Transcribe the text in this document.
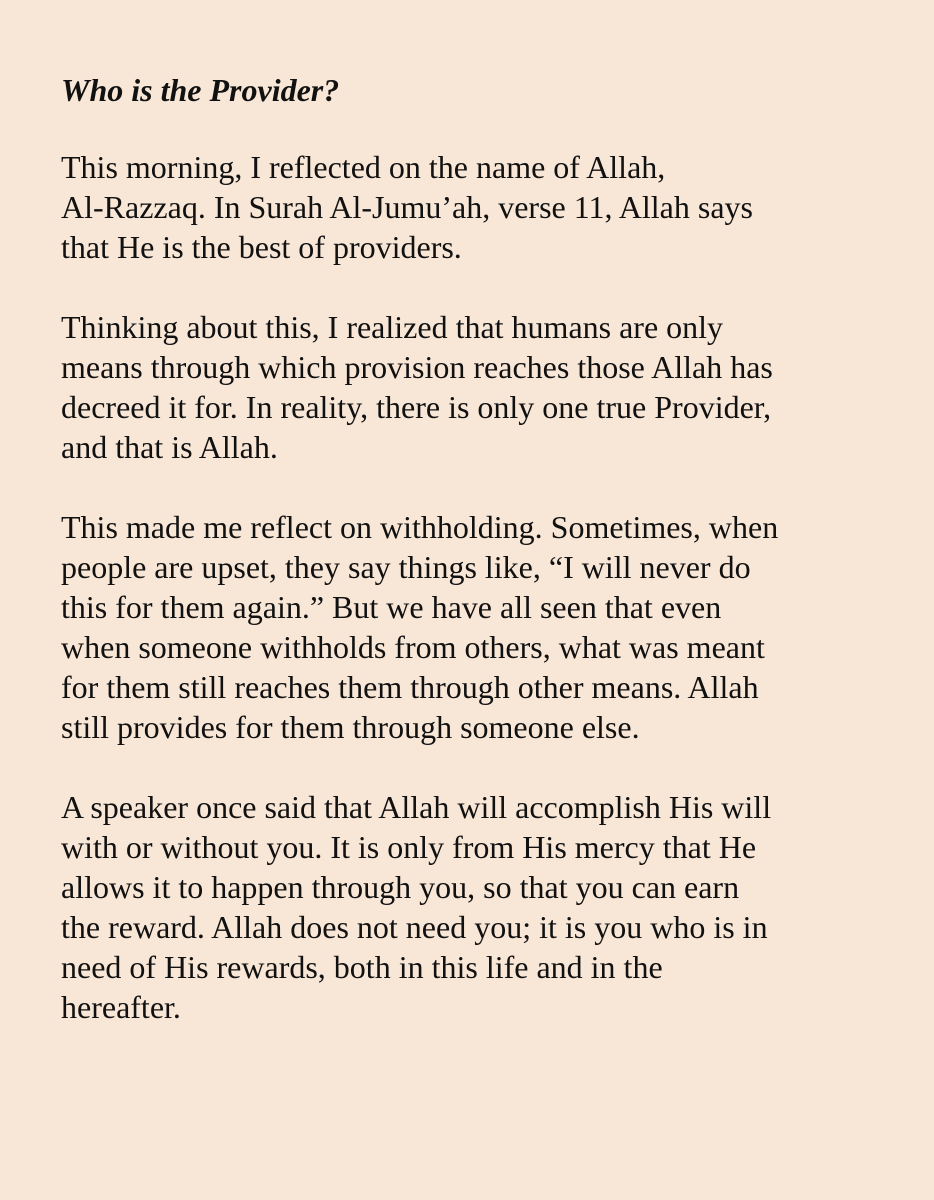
Who is the Provider?

This morning, I reflected on the name of Allah,
Al-Razzaq. In Surah Al-Jumu’ah, verse 11, Allah says
that He is the best of providers.

Thinking about this, I realized that humans are only
means through which provision reaches those Allah has
decreed it for. In reality, there is only one true Provider,
and that is Allah.

This made me reflect on withholding. Sometimes, when
people are upset, they say things like, “I will never do
this for them again.” But we have all seen that even
when someone withholds from others, what was meant
for them still reaches them through other means. Allah
still provides for them through someone else.

A speaker once said that Allah will accomplish His will
with or without you. It is only from His mercy that He
allows it to happen through you, so that you can earn
the reward. Allah does not need you; it is you who is in
need of His rewards, both in this life and in the
hereafter.
